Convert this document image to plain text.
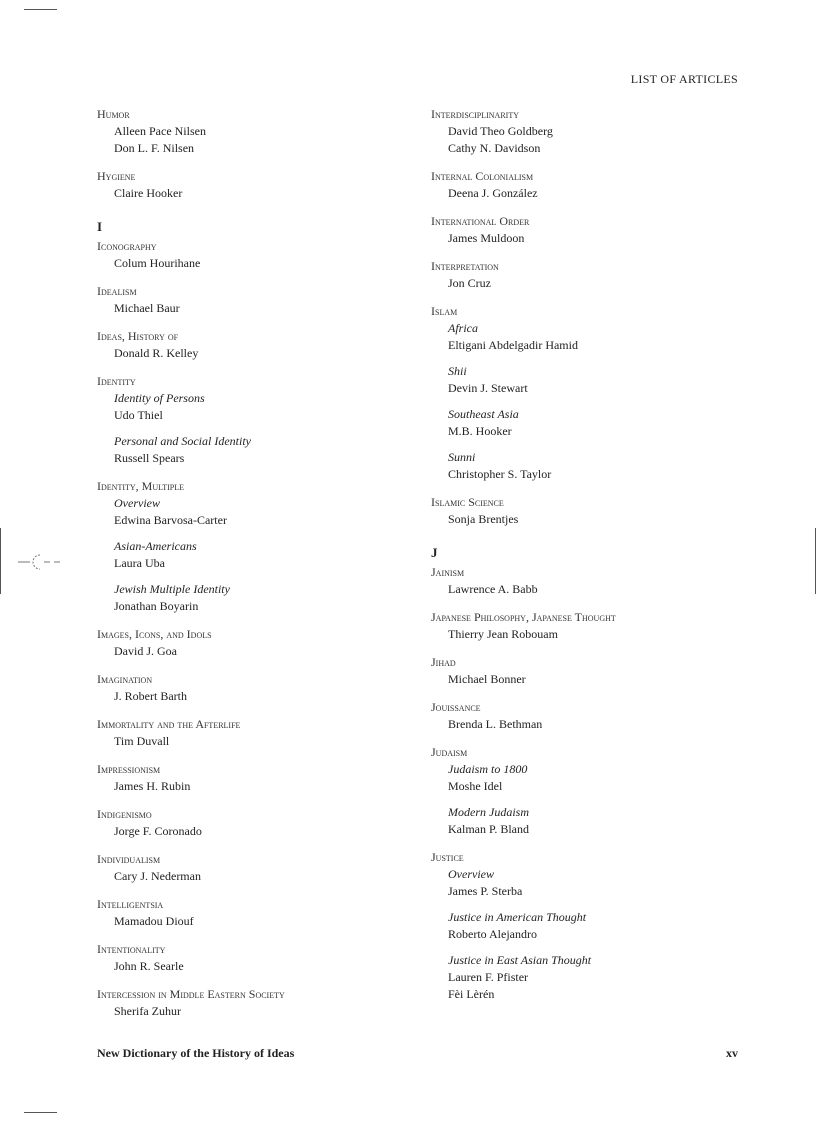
LIST OF ARTICLES
Humor
Alleen Pace Nilsen
Don L. F. Nilsen
Hygiene
Claire Hooker
I
Iconography
Colum Hourihane
Idealism
Michael Baur
Ideas, History of
Donald R. Kelley
Identity
Identity of Persons
Udo Thiel
Personal and Social Identity
Russell Spears
Identity, Multiple
Overview
Edwina Barvosa-Carter
Asian-Americans
Laura Uba
Jewish Multiple Identity
Jonathan Boyarin
Images, Icons, and Idols
David J. Goa
Imagination
J. Robert Barth
Immortality and the Afterlife
Tim Duvall
Impressionism
James H. Rubin
Indigenismo
Jorge F. Coronado
Individualism
Cary J. Nederman
Intelligentsia
Mamadou Diouf
Intentionality
John R. Searle
Intercession in Middle Eastern Society
Sherifa Zuhur
Interdisciplinarity
David Theo Goldberg
Cathy N. Davidson
Internal Colonialism
Deena J. González
International Order
James Muldoon
Interpretation
Jon Cruz
Islam
Africa
Eltigani Abdelgadir Hamid
Shii
Devin J. Stewart
Southeast Asia
M.B. Hooker
Sunni
Christopher S. Taylor
Islamic Science
Sonja Brentjes
J
Jainism
Lawrence A. Babb
Japanese Philosophy, Japanese Thought
Thierry Jean Robouam
Jihad
Michael Bonner
Jouissance
Brenda L. Bethman
Judaism
Judaism to 1800
Moshe Idel
Modern Judaism
Kalman P. Bland
Justice
Overview
James P. Sterba
Justice in American Thought
Roberto Alejandro
Justice in East Asian Thought
Lauren F. Pfister
Fèi Lèrén
New Dictionary of the History of Ideas	xv
